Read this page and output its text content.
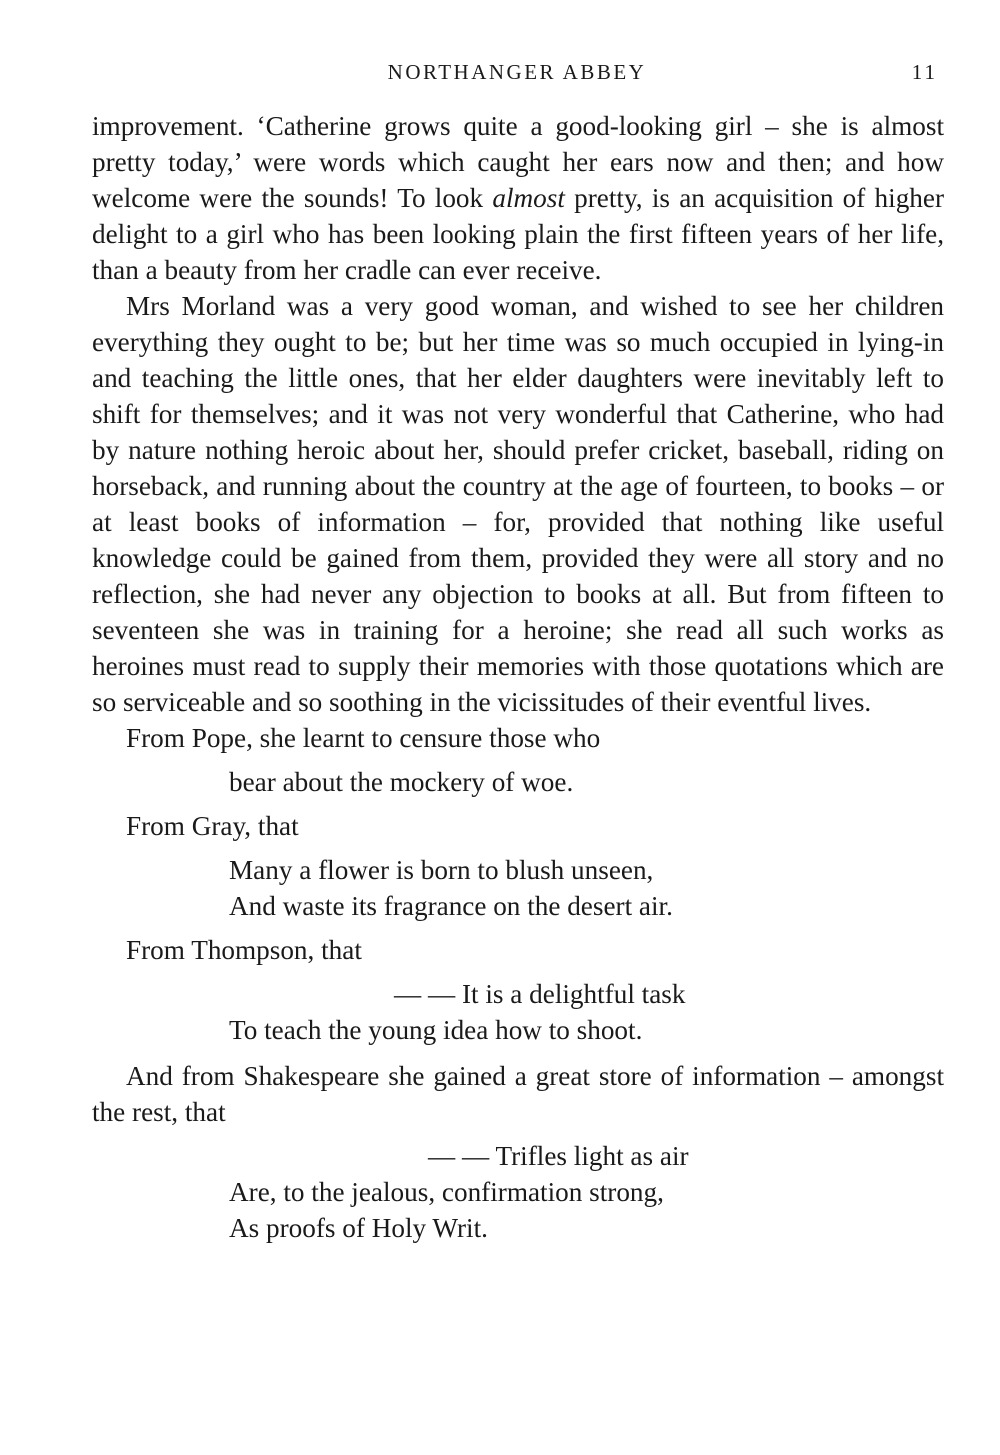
NORTHANGER ABBEY	11

improvement. ‘Catherine grows quite a good-looking girl – she is almost pretty today,’ were words which caught her ears now and then; and how welcome were the sounds! To look almost pretty, is an acquisition of higher delight to a girl who has been looking plain the first fifteen years of her life, than a beauty from her cradle can ever receive.

Mrs Morland was a very good woman, and wished to see her children everything they ought to be; but her time was so much occupied in lying-in and teaching the little ones, that her elder daughters were inevitably left to shift for themselves; and it was not very wonderful that Catherine, who had by nature nothing heroic about her, should prefer cricket, baseball, riding on horseback, and running about the country at the age of fourteen, to books – or at least books of information – for, provided that nothing like useful knowledge could be gained from them, provided they were all story and no reflection, she had never any objection to books at all. But from fifteen to seventeen she was in training for a heroine; she read all such works as heroines must read to supply their memories with those quotations which are so serviceable and so soothing in the vicissitudes of their eventful lives.

From Pope, she learnt to censure those who

bear about the mockery of woe.

From Gray, that

Many a flower is born to blush unseen,
And waste its fragrance on the desert air.

From Thompson, that

— — It is a delightful task
To teach the young idea how to shoot.

And from Shakespeare she gained a great store of information – amongst the rest, that

— — Trifles light as air
Are, to the jealous, confirmation strong,
As proofs of Holy Writ.
